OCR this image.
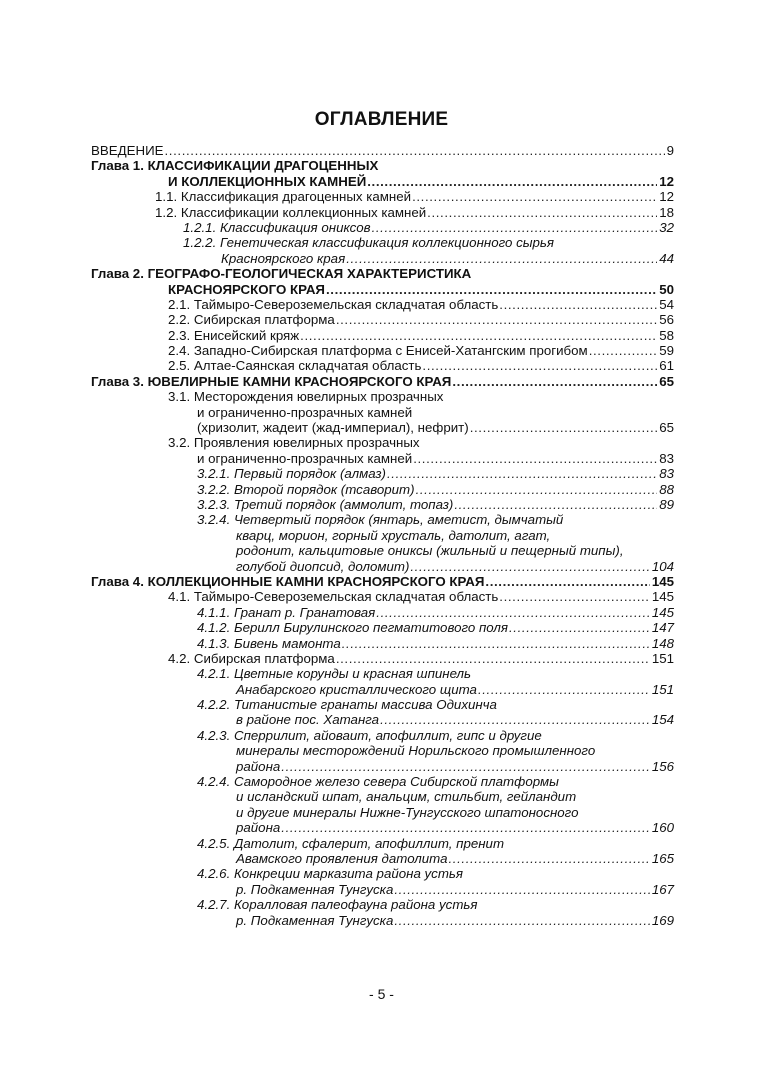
ОГЛАВЛЕНИЕ
ВВЕДЕНИЕ .....	9
Глава 1. КЛАССИФИКАЦИИ ДРАГОЦЕННЫХ
И КОЛЛЕКЦИОННЫХ КАМНЕЙ .....	12
1.1. Классификация драгоценных камней .....	12
1.2. Классификации коллекционных камней .....	18
1.2.1. Классификация ониксов .....	32
1.2.2. Генетическая классификация коллекционного сырья
Красноярского края .....	44
Глава 2. ГЕОГРАФО-ГЕОЛОГИЧЕСКАЯ ХАРАКТЕРИСТИКА
КРАСНОЯРСКОГО КРАЯ .....	50
2.1. Таймыро-Североземельская складчатая область .....	54
2.2. Сибирская платформа .....	56
2.3. Енисейский кряж .....	58
2.4. Западно-Сибирская платформа с Енисей-Хатангским прогибом .....	59
2.5. Алтае-Саянская складчатая область .....	61
Глава 3. ЮВЕЛИРНЫЕ КАМНИ КРАСНОЯРСКОГО КРАЯ .....	65
3.1. Месторождения ювелирных прозрачных
и ограниченно-прозрачных камней
(хризолит, жадеит (жад-империал), нефрит) .....	65
3.2. Проявления ювелирных прозрачных
и ограниченно-прозрачных камней .....	83
3.2.1. Первый порядок (алмаз) .....	83
3.2.2. Второй порядок (тсаворит) .....	88
3.2.3. Третий порядок (аммолит, топаз) .....	89
3.2.4. Четвертый порядок (янтарь, аметист, дымчатый
кварц, морион, горный хрусталь, датолит, агат,
родонит, кальцитовые ониксы (жильный и пещерный типы),
голубой диопсид, доломит) .....	104
Глава 4. КОЛЛЕКЦИОННЫЕ КАМНИ КРАСНОЯРСКОГО КРАЯ .....	145
4.1. Таймыро-Североземельская складчатая область .....	145
4.1.1. Гранат р. Гранатовая .....	145
4.1.2. Берилл Бирулинского пегматитового поля .....	147
4.1.3. Бивень мамонта .....	148
4.2. Сибирская платформа .....	151
4.2.1. Цветные корунды и красная шпинель
Анабарского кристаллического щита .....	151
4.2.2. Титанистые гранаты массива Одихинча
в районе пос. Хатанга .....	154
4.2.3. Сперрилит, айоваит, апофиллит, гипс и другие
минералы месторождений Норильского промышленного
района .....	156
4.2.4. Самородное железо севера Сибирской платформы
и исландский шпат, анальцим, стильбит, гейландит
и другие минералы Нижне-Тунгусского шпатоносного
района .....	160
4.2.5. Датолит, сфалерит, апофиллит, пренит
Авамского проявления датолита .....	165
4.2.6. Конкреции марказита района устья
р. Подкаменная Тунгуска .....	167
4.2.7. Коралловая палеофауна района устья
р. Подкаменная Тунгуска .....	169
- 5 -
